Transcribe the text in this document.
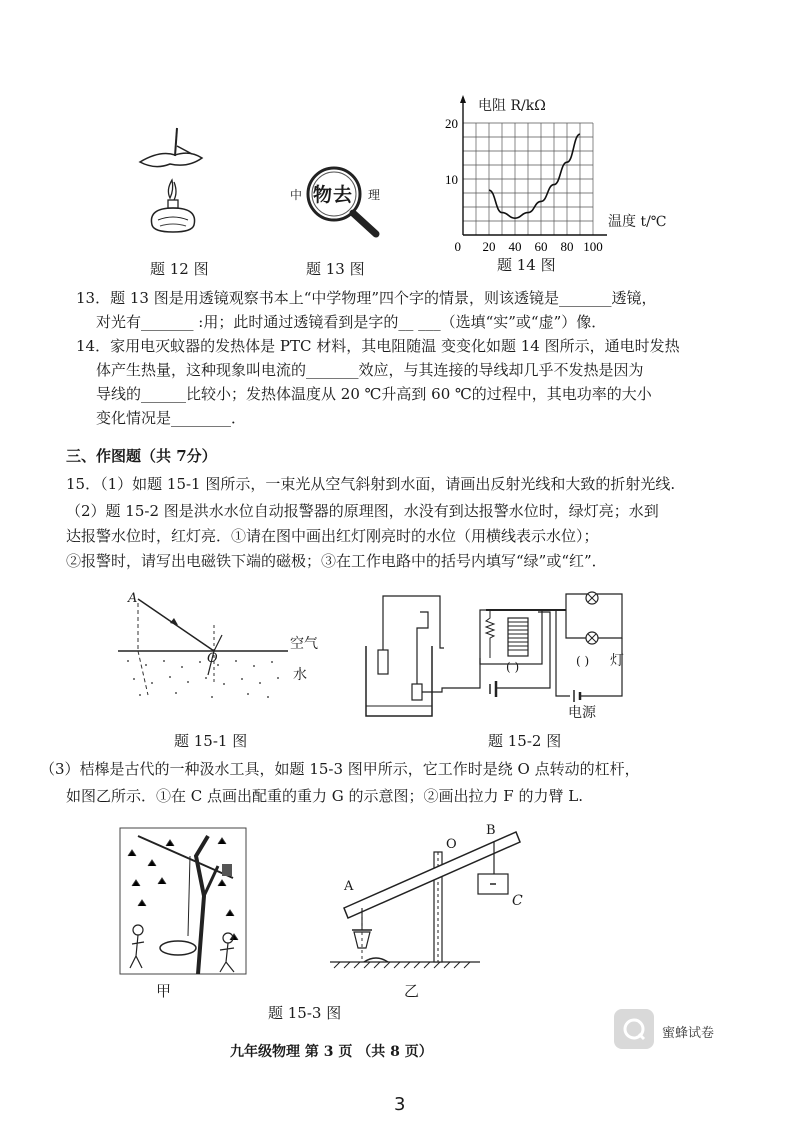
题 12 图
中	理
物去
题 13 图
20
10
0 20 40 60 80 100
电阻 R/kΩ
温度 t/℃
题 14 图
13．题 13 图是用透镜观察书本上“中学物理”四个字的情景，则该透镜是_______透镜，
对光有_______ :用；此时通过透镜看到是字的__ ___（选填“实”或“虚”）像．
14．家用电灭蚊器的发热体是 PTC 材料，其电阻随温 变变化如题 14 图所示，通电时发热
体产生热量，这种现象叫电流的_______效应，与其连接的导线却几乎不发热是因为
导线的______比较小；发热体温度从 20 ℃升高到 60 ℃的过程中，其电功率的大小
变化情况是________．
三、作图题（共 7分）
15．（1）如题 15-1 图所示，一束光从空气斜射到水面，请画出反射光线和大致的折射光线.
（2）题 15-2 图是洪水水位自动报警器的原理图，水没有到达报警水位时，绿灯亮；水到
达报警水位时，红灯亮．①请在图中画出红灯刚亮时的水位（用横线表示水位）；
②报警时，请写出电磁铁下端的磁极；③在工作电路中的括号内填写“绿”或“红”．
A
O
空气
水
题 15-1 图
( )	( ) 灯
电源
题 15-2 图
（3）桔槔是古代的一种汲水工具，如题 15-3 图甲所示，它工作时是绕 O 点转动的杠杆，
如图乙所示．①在 C 点画出配重的重力 G 的示意图；②画出拉力 F 的力臂 L.
甲
A
O
B
C
乙
题 15-3 图
九年级物理 第 3 页 （共 8 页）
蜜蜂试卷
3
